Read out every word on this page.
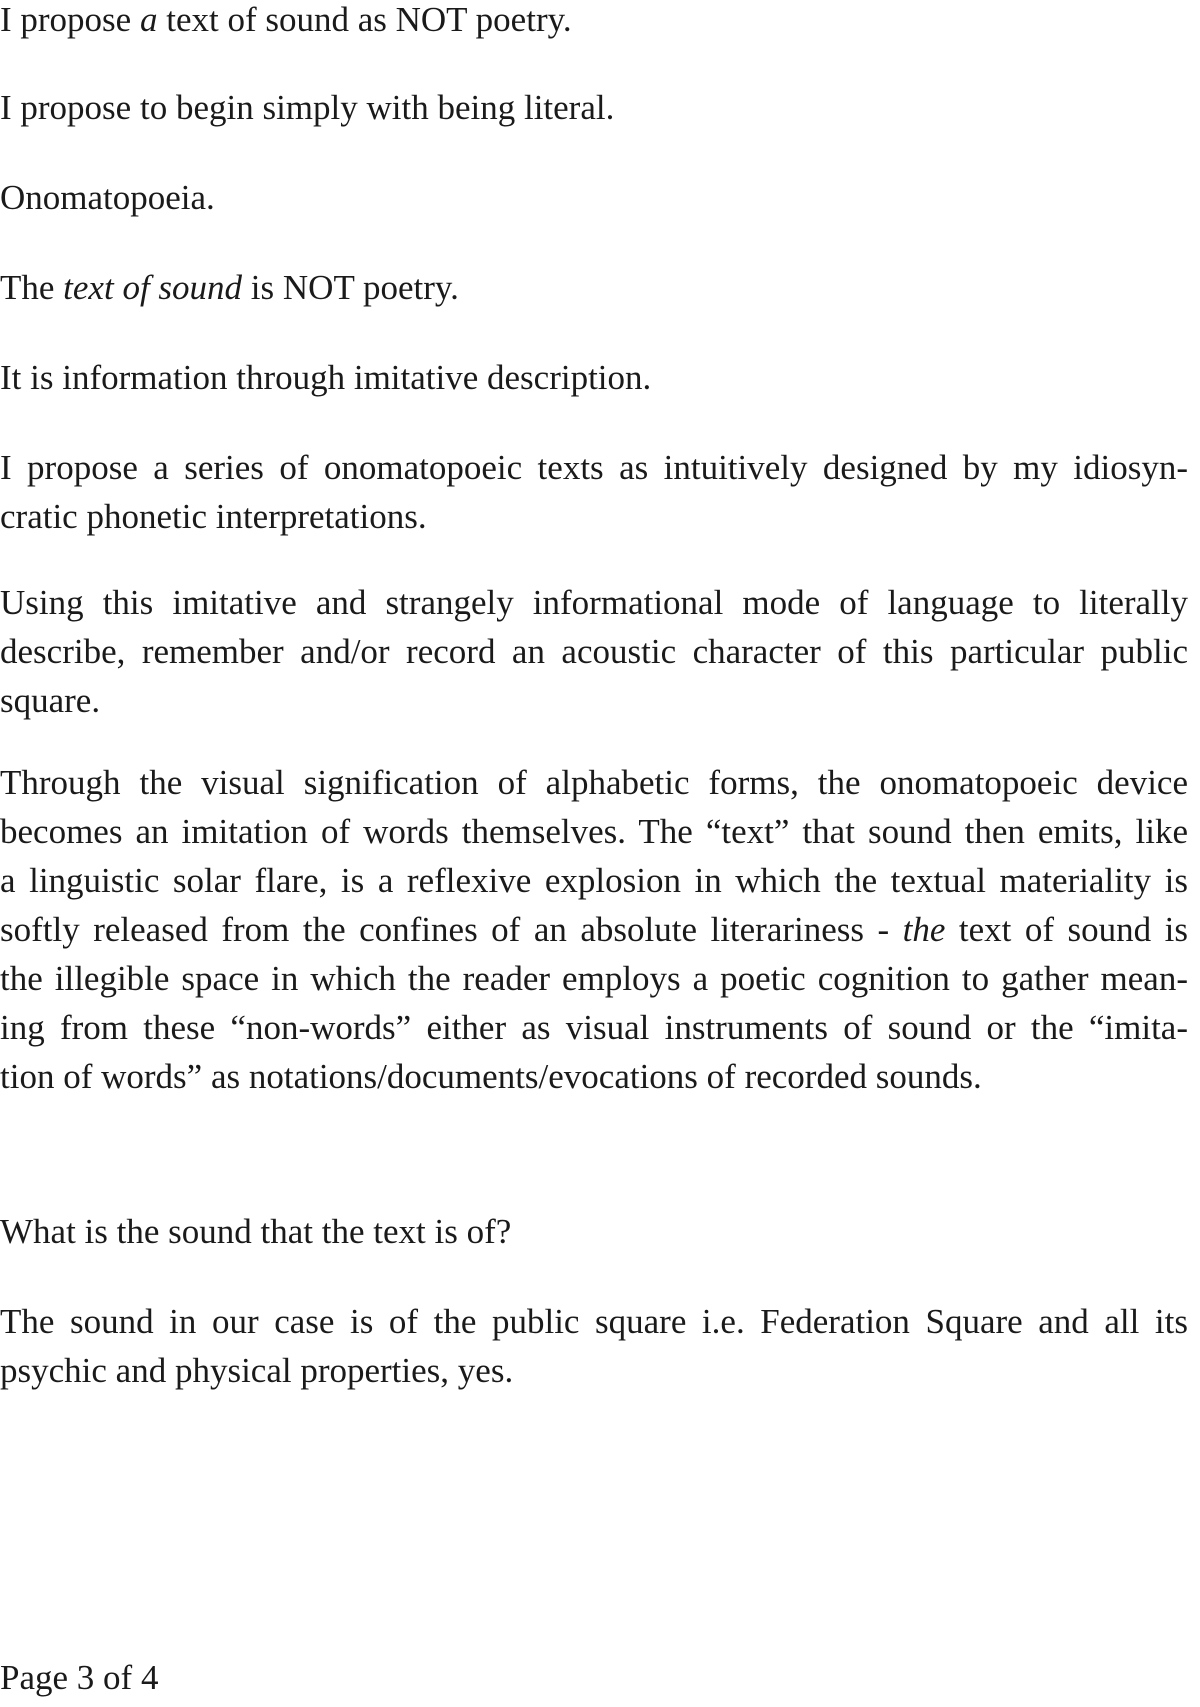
I propose a text of sound as NOT poetry.

I propose to begin simply with being literal.

Onomatopoeia.

The text of sound is NOT poetry.

It is information through imitative description.

I propose a series of onomatopoeic texts as intuitively designed by my idiosyn-
cratic phonetic interpretations.
Using this imitative and strangely informational mode of language to literally
describe, remember and/or record an acoustic character of this particular public
square.
Through the visual signification of alphabetic forms, the onomatopoeic device
becomes an imitation of words themselves. The “text” that sound then emits, like
a linguistic solar flare, is a reflexive explosion in which the textual materiality is
softly released from the confines of an absolute literariness - the text of sound is
the illegible space in which the reader employs a poetic cognition to gather mean-
ing from these “non-words” either as visual instruments of sound or the “imita-
tion of words” as notations/documents/evocations of recorded sounds.

What is the sound that the text is of?

The sound in our case is of the public square i.e. Federation Square and all its
psychic and physical properties, yes.
Page 3 of 4
